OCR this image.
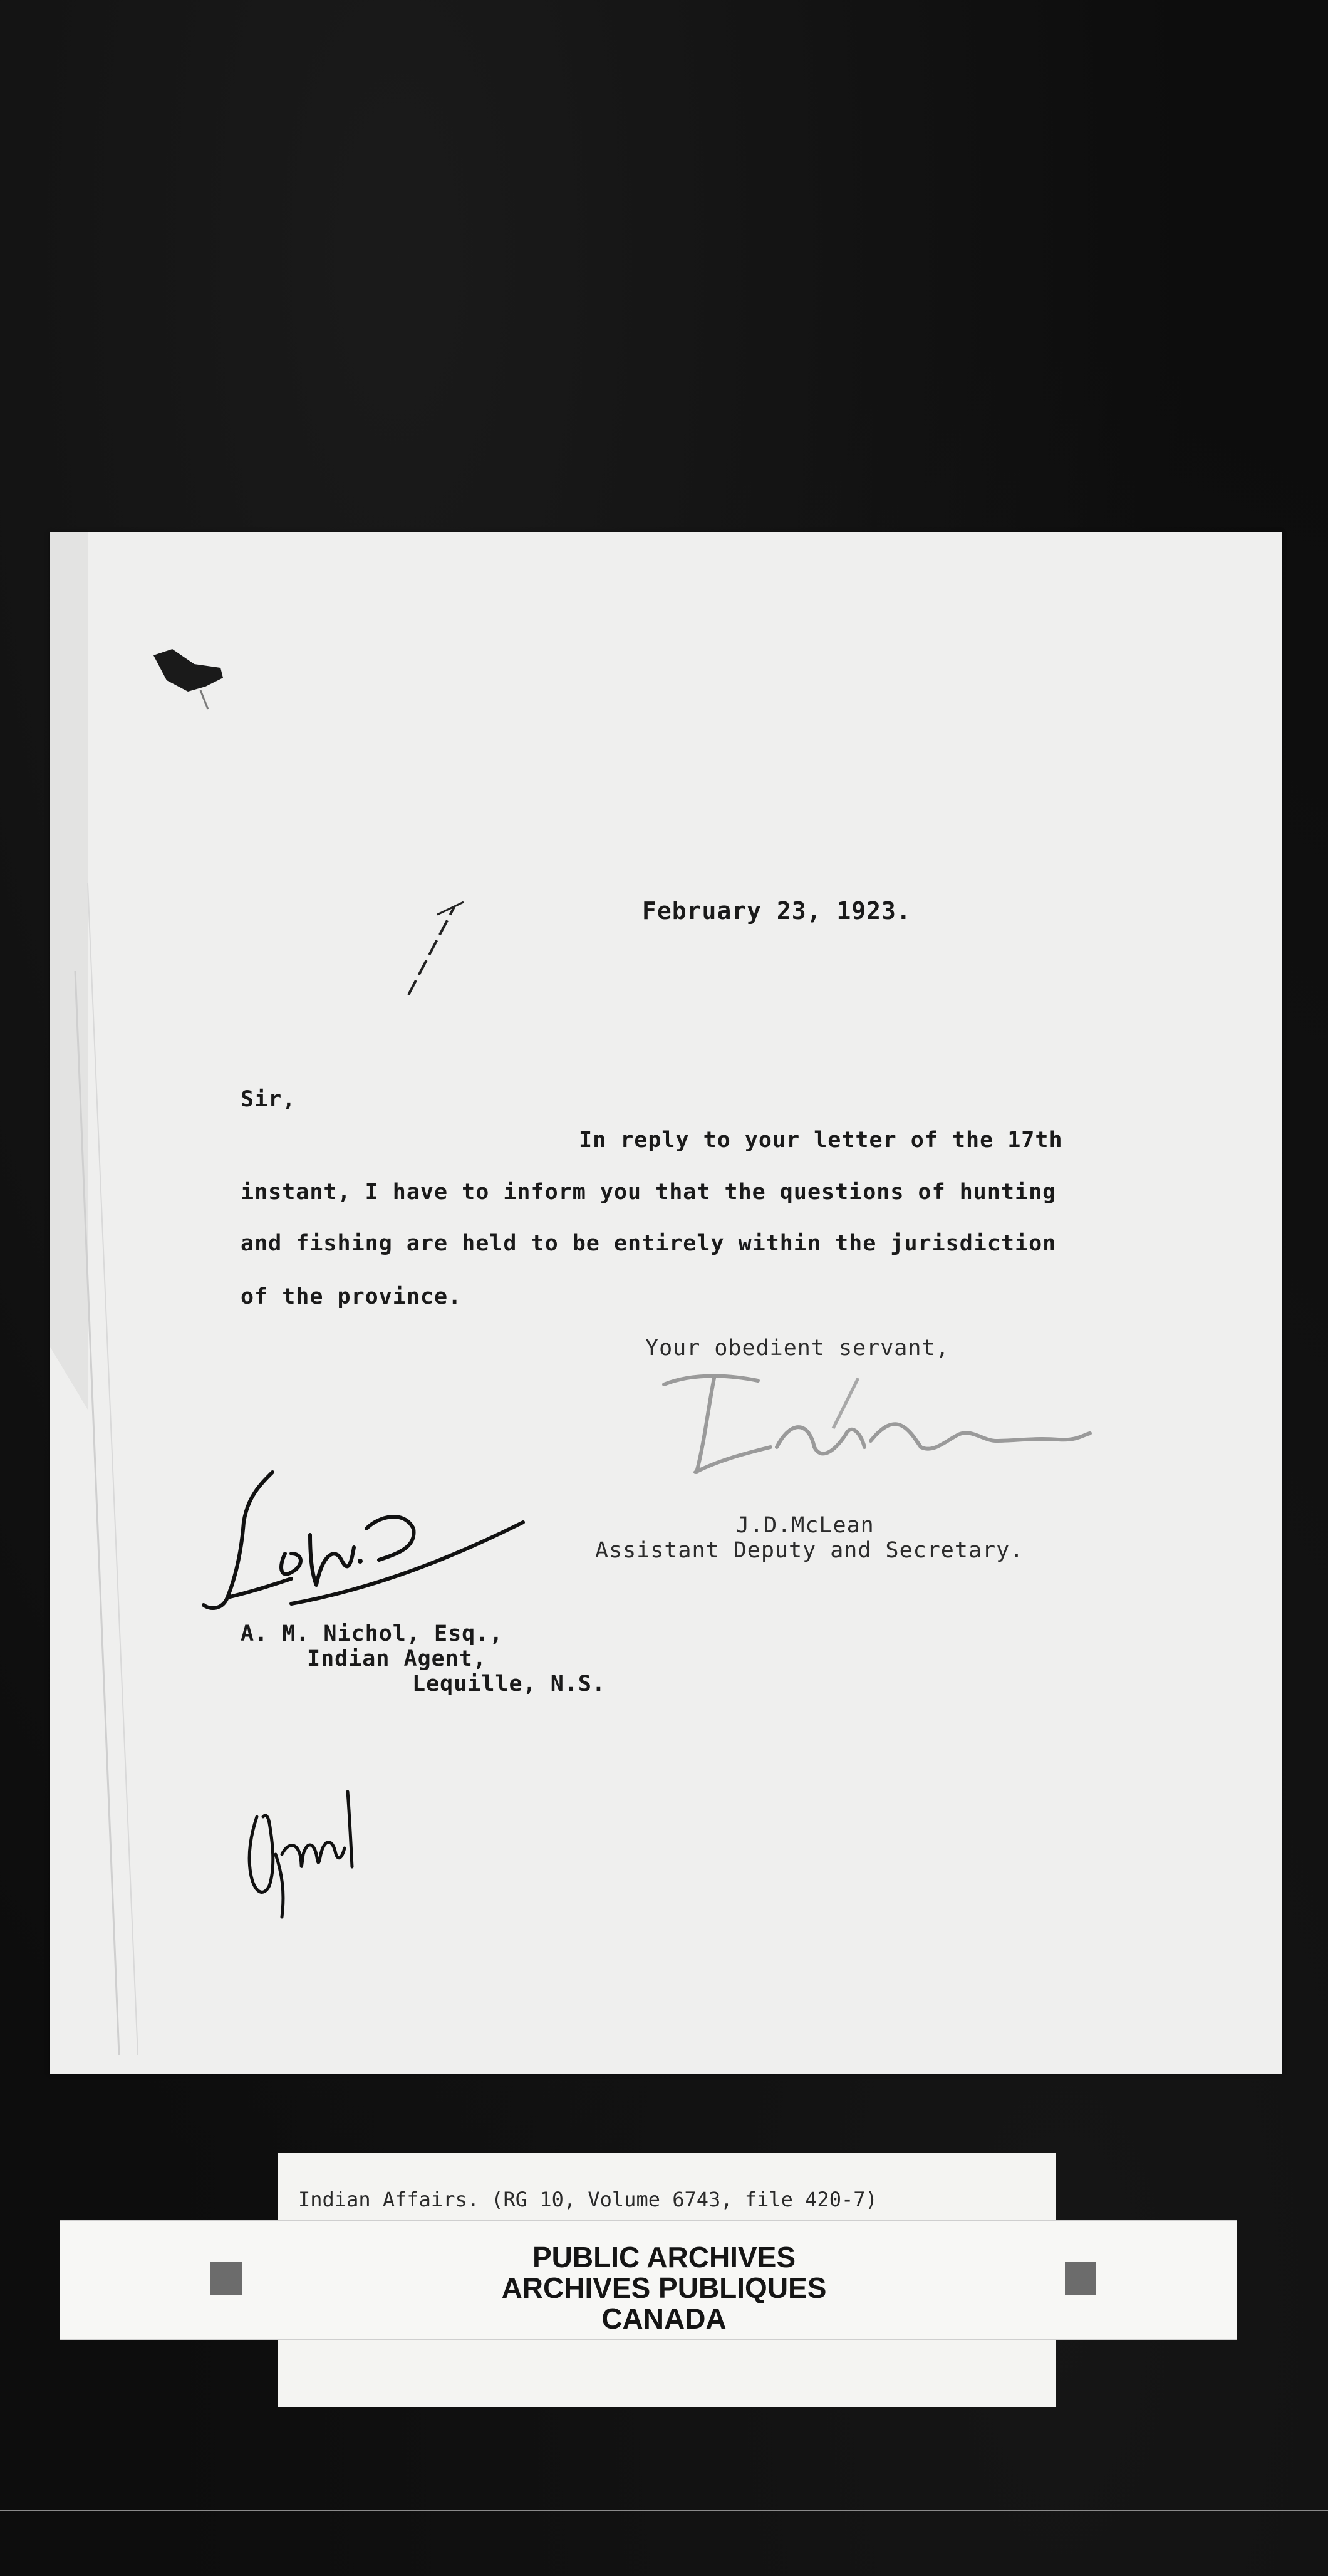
February 23, 1923.
Sir,
In reply to your letter of the 17th
instant, I have to inform you that the questions of hunting
and fishing are held to be entirely within the jurisdiction
of the province.
Your obedient servant,
J.D.McLean
Assistant Deputy and Secretary.
A. M. Nichol, Esq.,
Indian Agent,
Lequille, N.S.
Indian Affairs. (RG 10, Volume 6743, file 420-7)
PUBLIC ARCHIVES
ARCHIVES PUBLIQUES
CANADA
